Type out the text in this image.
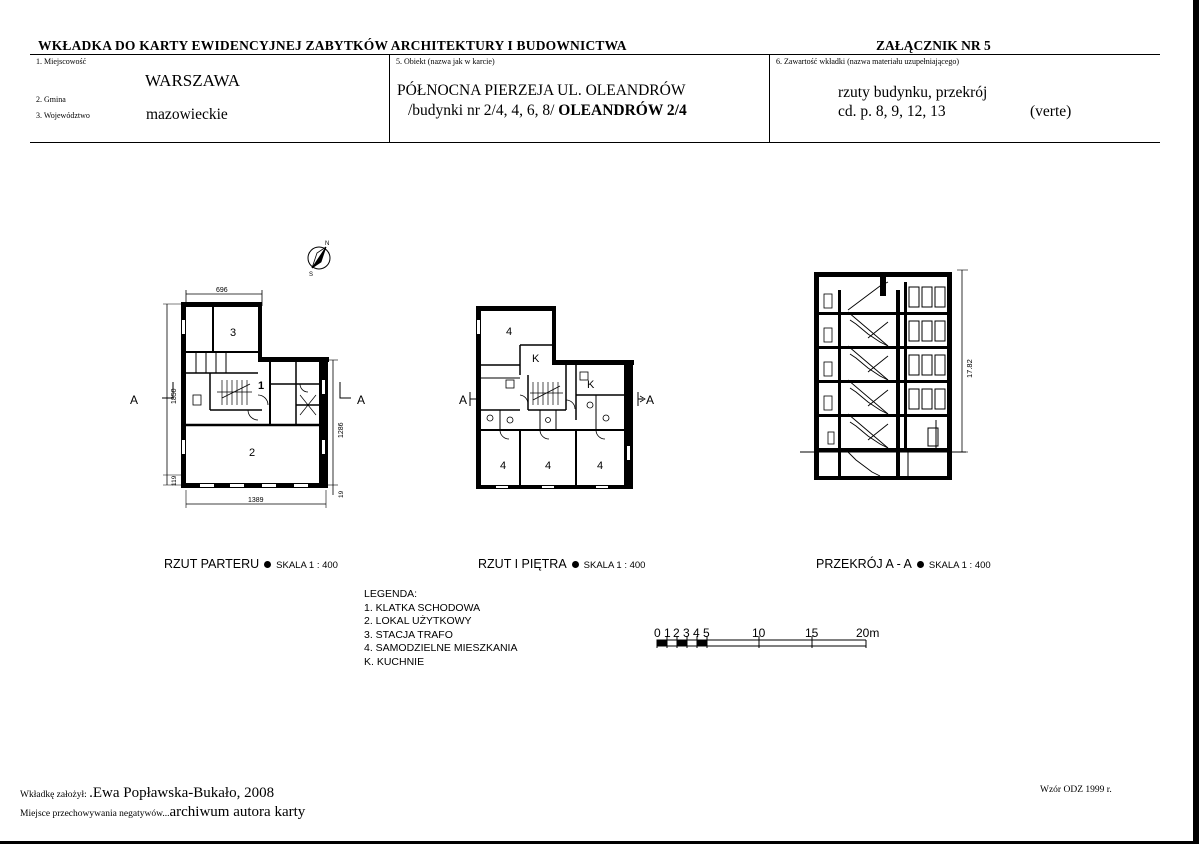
WKŁADKA DO KARTY EWIDENCYJNEJ ZABYTKÓW ARCHITEKTURY I BUDOWNICTWA	ZAŁĄCZNIK NR 5
1. Miejscowość
WARSZAWA
2. Gmina
3. Województwo	mazowieckie
5. Obiekt (nazwa jak w karcie)
PÓŁNOCNA PIERZEJA UL. OLEANDRÓW
/budynki nr 2/4, 4, 6, 8/ OLEANDRÓW 2/4
6. Zawartość wkładki (nazwa materiału uzupełniającego)
rzuty budynku, przekrój
cd. p. 8, 9, 12, 13	(verte)
N
S
696
3
1
2
A	A
1850
119
1286
19
1389
4
K
K
4	4	4
A	A
17.82
0 1 2 3 4 5	10	15	20m
RZUT PARTERU SKALA 1 : 400	RZUT I PIĘTRA SKALA 1 : 400	PRZEKRÓJ A - A SKALA 1 : 400
LEGENDA:
1. KLATKA SCHODOWA
2. LOKAL UŻYTKOWY
3. STACJA TRAFO
4. SAMODZIELNE MIESZKANIA
K. KUCHNIE
Wkładkę założył: .Ewa Popławska-Bukało, 2008
Miejsce przechowywania negatywów...archiwum autora karty
Wzór ODZ 1999 r.
